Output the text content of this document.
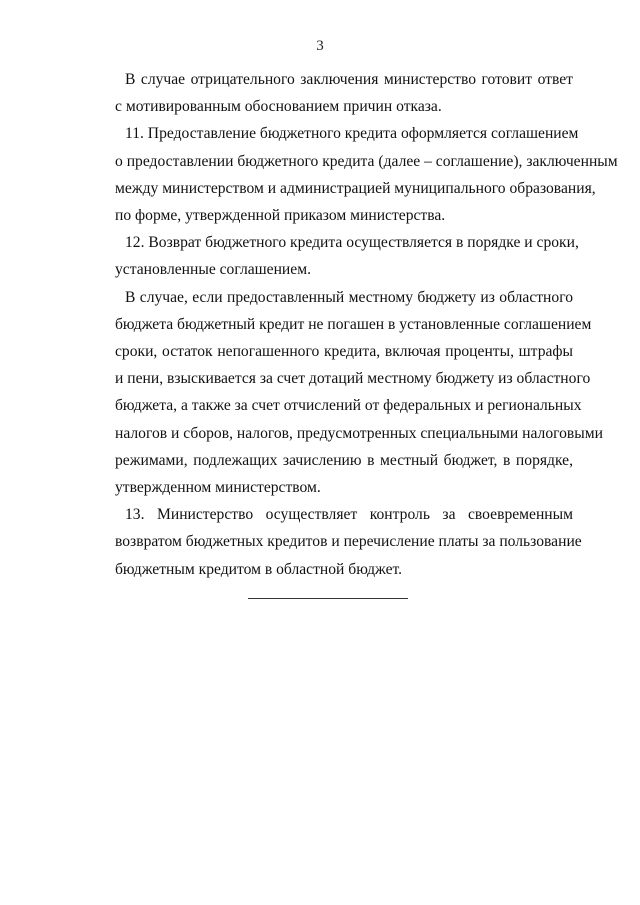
3
В случае отрицательного заключения министерство готовит ответ
с мотивированным обоснованием причин отказа.
11. Предоставление бюджетного кредита оформляется соглашением
о предоставлении бюджетного кредита (далее – соглашение), заключенным
между министерством и администрацией муниципального образования,
по форме, утвержденной приказом министерства.
12. Возврат бюджетного кредита осуществляется в порядке и сроки,
установленные соглашением.
В случае, если предоставленный местному бюджету из областного
бюджета бюджетный кредит не погашен в установленные соглашением
сроки, остаток непогашенного кредита, включая проценты, штрафы
и пени, взыскивается за счет дотаций местному бюджету из областного
бюджета, а также за счет отчислений от федеральных и региональных
налогов и сборов, налогов, предусмотренных специальными налоговыми
режимами, подлежащих зачислению в местный бюджет, в порядке,
утвержденном министерством.
13. Министерство осуществляет контроль за своевременным
возвратом бюджетных кредитов и перечисление платы за пользование
бюджетным кредитом в областной бюджет.
